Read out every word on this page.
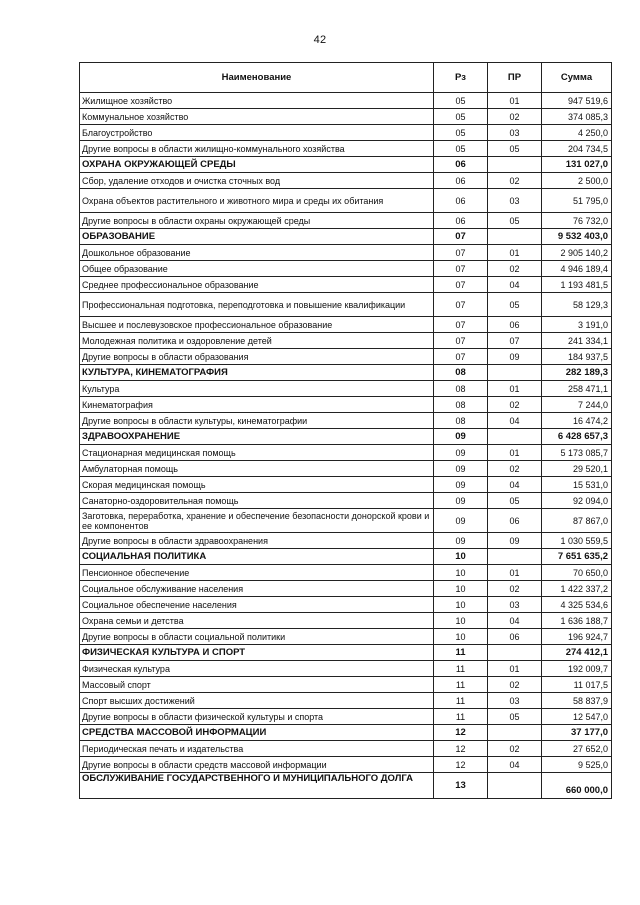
42
Наименование	Рз	ПР	Сумма
Жилищное хозяйство	05	01	947 519,6
Коммунальное хозяйство	05	02	374 085,3
Благоустройство	05	03	4 250,0
Другие вопросы в области жилищно-коммунального хозяйства	05	05	204 734,5
ОХРАНА ОКРУЖАЮЩЕЙ СРЕДЫ	06		131 027,0
Сбор, удаление отходов и очистка сточных вод	06	02	2 500,0
Охрана объектов растительного и животного мира и среды их обитания	06	03	51 795,0
Другие вопросы в области охраны окружающей среды	06	05	76 732,0
ОБРАЗОВАНИЕ	07		9 532 403,0
Дошкольное образование	07	01	2 905 140,2
Общее образование	07	02	4 946 189,4
Среднее профессиональное образование	07	04	1 193 481,5
Профессиональная подготовка, переподготовка и повышение квалификации	07	05	58 129,3
Высшее и послевузовское профессиональное образование	07	06	3 191,0
Молодежная политика и оздоровление детей	07	07	241 334,1
Другие вопросы в области образования	07	09	184 937,5
КУЛЬТУРА, КИНЕМАТОГРАФИЯ	08		282 189,3
Культура	08	01	258 471,1
Кинематография	08	02	7 244,0
Другие вопросы в области культуры, кинематографии	08	04	16 474,2
ЗДРАВООХРАНЕНИЕ	09		6 428 657,3
Стационарная медицинская помощь	09	01	5 173 085,7
Амбулаторная помощь	09	02	29 520,1
Скорая медицинская помощь	09	04	15 531,0
Санаторно-оздоровительная помощь	09	05	92 094,0
Заготовка, переработка, хранение и обеспечение безопасности донорской крови и ее компонентов	09	06	87 867,0
Другие вопросы в области здравоохранения	09	09	1 030 559,5
СОЦИАЛЬНАЯ ПОЛИТИКА	10		7 651 635,2
Пенсионное обеспечение	10	01	70 650,0
Социальное обслуживание населения	10	02	1 422 337,2
Социальное обеспечение населения	10	03	4 325 534,6
Охрана семьи и детства	10	04	1 636 188,7
Другие вопросы в области социальной политики	10	06	196 924,7
ФИЗИЧЕСКАЯ КУЛЬТУРА И СПОРТ	11		274 412,1
Физическая культура	11	01	192 009,7
Массовый спорт	11	02	11 017,5
Спорт высших достижений	11	03	58 837,9
Другие вопросы в области физической культуры и спорта	11	05	12 547,0
СРЕДСТВА МАССОВОЙ ИНФОРМАЦИИ	12		37 177,0
Периодическая печать и издательства	12	02	27 652,0
Другие вопросы в области средств массовой информации	12	04	9 525,0
ОБСЛУЖИВАНИЕ ГОСУДАРСТВЕННОГО И МУНИЦИПАЛЬНОГО ДОЛГА	13		660 000,0
